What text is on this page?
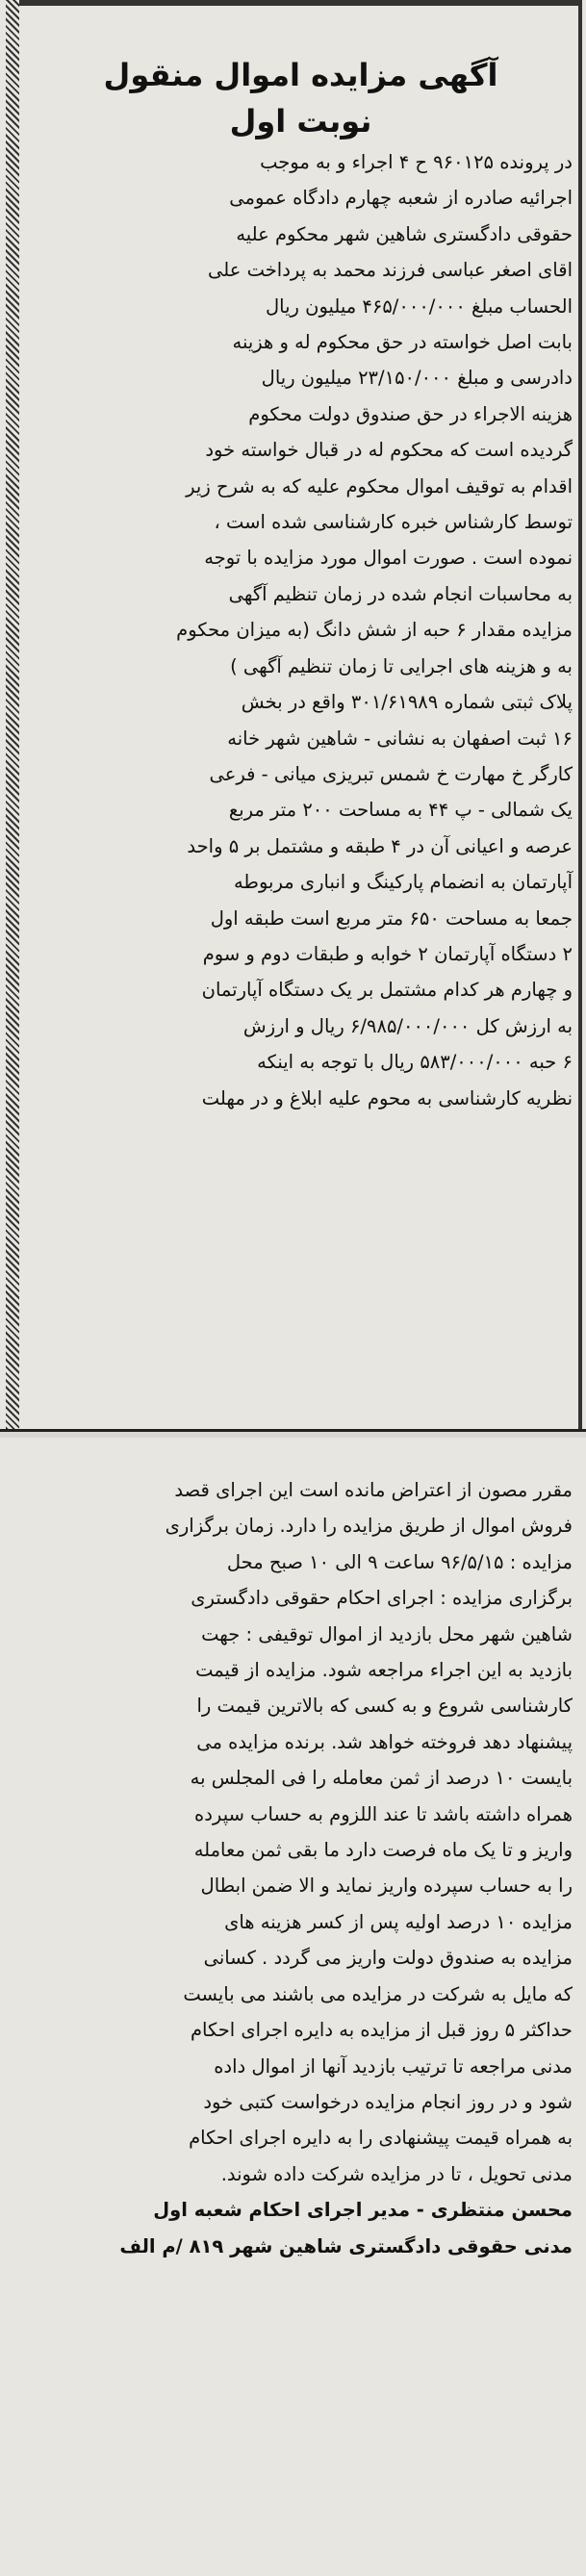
آگهی مزایده اموال منقول
نوبت اول
در پرونده ۹۶۰۱۲۵ ح ۴ اجراء و به موجب
اجرائیه صادره از شعبه چهارم دادگاه عمومی
حقوقی دادگستری شاهین شهر محکوم علیه
اقای اصغر عباسی فرزند محمد به پرداخت علی
الحساب مبلغ ۴۶۵/۰۰۰/۰۰۰ میلیون ریال
بابت اصل خواسته در حق محکوم له و هزینه
دادرسی و مبلغ ۲۳/۱۵۰/۰۰۰ میلیون ریال
هزینه الاجراء در حق صندوق دولت محکوم
گردیده است که محکوم له در قبال خواسته خود
اقدام به توقیف اموال محکوم علیه که به شرح زیر
توسط کارشناس خبره کارشناسی شده است ،
نموده است . صورت اموال مورد مزایده با توجه
به محاسبات انجام شده در زمان تنظیم آگهی
مزایده مقدار ۶ حبه از شش دانگ (به میزان محکوم
به و هزینه های اجرایی تا زمان تنظیم آگهی )
پلاک ثبتی شماره ۳۰۱/۶۱۹۸۹ واقع در بخش
۱۶ ثبت اصفهان به نشانی - شاهین شهر خانه
کارگر خ مهارت خ شمس تبریزی میانی - فرعی
یک شمالی - پ ۴۴ به مساحت ۲۰۰ متر مربع
عرصه و اعیانی آن در ۴ طبقه و مشتمل بر ۵ واحد
آپارتمان به انضمام پارکینگ و انباری مربوطه
جمعا به مساحت ۶۵۰ متر مربع است طبقه اول
۲ دستگاه آپارتمان ۲ خوابه و طبقات دوم و سوم
و چهارم هر کدام مشتمل بر یک دستگاه آپارتمان
به ارزش کل ۶/۹۸۵/۰۰۰/۰۰۰ ریال و ارزش
۶ حبه ۵۸۳/۰۰۰/۰۰۰ ریال با توجه به اینکه
نظریه کارشناسی به محوم علیه ابلاغ و در مهلت
مقرر مصون از اعتراض مانده است این اجرای قصد
فروش اموال از طریق مزایده را دارد. زمان برگزاری
مزایده : ۹۶/۵/۱۵ ساعت ۹ الی ۱۰ صبح محل
برگزاری مزایده : اجرای احکام حقوقی دادگستری
شاهین شهر محل بازدید از اموال توقیفی : جهت
بازدید به این اجراء مراجعه شود. مزایده از قیمت
کارشناسی شروع و به کسی که بالاترین قیمت را
پیشنهاد دهد فروخته خواهد شد. برنده مزایده می
بایست ۱۰ درصد از ثمن معامله را فی المجلس به
همراه داشته باشد تا عند اللزوم به حساب سپرده
واریز و تا یک ماه فرصت دارد ما بقی ثمن معامله
را به حساب سپرده واریز نماید و الا ضمن ابطال
مزایده ۱۰ درصد اولیه پس از کسر هزینه های
مزایده به صندوق دولت واریز می گردد . کسانی
که مایل به شرکت در مزایده می باشند می بایست
حداکثر ۵ روز قبل از مزایده به دایره اجرای احکام
مدنی مراجعه تا ترتیب بازدید آنها از اموال داده
شود و در روز انجام مزایده درخواست کتبی خود
به همراه قیمت پیشنهادی را به دایره اجرای احکام
مدنی تحویل ، تا در مزایده شرکت داده شوند.
محسن منتظری - مدیر اجرای احکام شعبه اول
مدنی حقوقی دادگستری شاهین شهر ۸۱۹ /م الف
